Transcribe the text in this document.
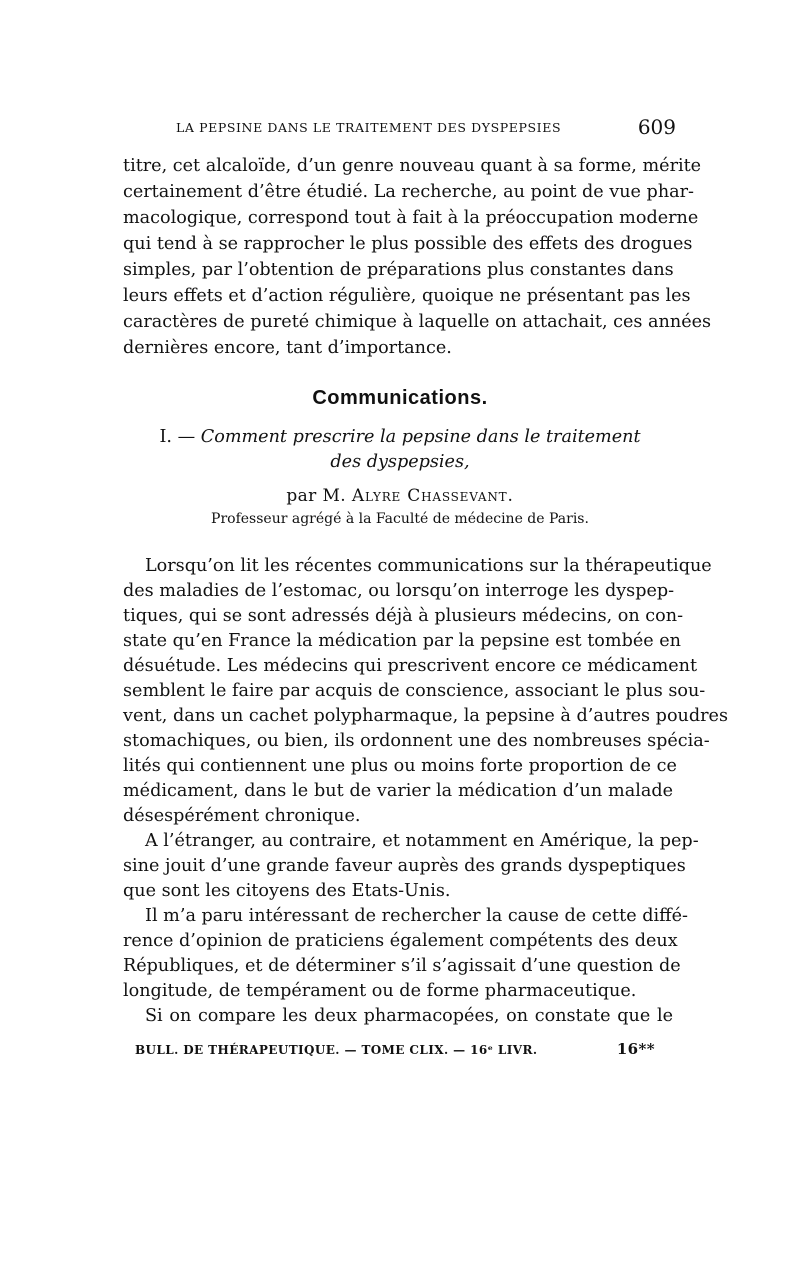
LA PEPSINE DANS LE TRAITEMENT DES DYSPEPSIES	609
titre, cet alcaloïde, d’un genre nouveau quant à sa forme, mérite
certainement d’être étudié. La recherche, au point de vue phar-
macologique, correspond tout à fait à la préoccupation moderne
qui tend à se rapprocher le plus possible des effets des drogues
simples, par l’obtention de préparations plus constantes dans
leurs effets et d’action régulière, quoique ne présentant pas les
caractères de pureté chimique à laquelle on attachait, ces années
dernières encore, tant d’importance.
Communications.
I. — Comment prescrire la pepsine dans le traitement
des dyspepsies,
par M. Alyre Chassevant.
Professeur agrégé à la Faculté de médecine de Paris.
Lorsqu’on lit les récentes communications sur la thérapeutique
des maladies de l’estomac, ou lorsqu’on interroge les dyspep-
tiques, qui se sont adressés déjà à plusieurs médecins, on con-
state qu’en France la médication par la pepsine est tombée en
désuétude. Les médecins qui prescrivent encore ce médicament
semblent le faire par acquis de conscience, associant le plus sou-
vent, dans un cachet polypharmaque, la pepsine à d’autres poudres
stomachiques, ou bien, ils ordonnent une des nombreuses spécia-
lités qui contiennent une plus ou moins forte proportion de ce
médicament, dans le but de varier la médication d’un malade
désespérément chronique.
A l’étranger, au contraire, et notamment en Amérique, la pep-
sine jouit d’une grande faveur auprès des grands dyspeptiques
que sont les citoyens des Etats-Unis.
Il m’a paru intéressant de rechercher la cause de cette diffé-
rence d’opinion de praticiens également compétents des deux
Républiques, et de déterminer s’il s’agissait d’une question de
longitude, de tempérament ou de forme pharmaceutique.
Si on compare les deux pharmacopées, on constate que le
BULL. DE THÉRAPEUTIQUE. — TOME CLIX. — 16ᵉ LIVR.	16**
